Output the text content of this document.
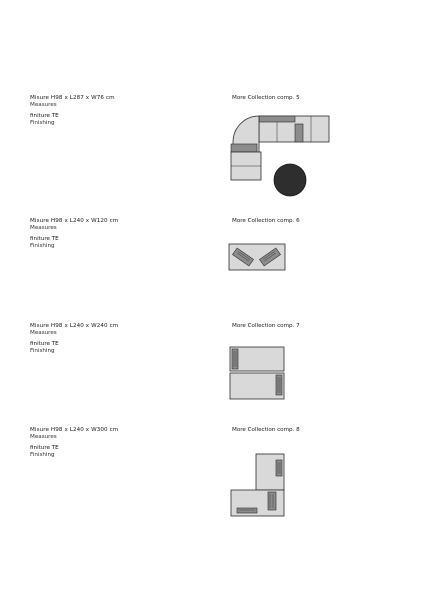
Misure H98 x L287 x W76 cm
Measures
finiture TE
Finishing
More Collection comp. 5
Misure H98 x L240 x W120 cm
Measures
finiture TE
Finishing
More Collection comp. 6
Misure H98 x L240 x W240 cm
Measures
finiture TE
Finishing
More Collection comp. 7
Misure H98 x L240 x W300 cm
Measures
finiture TE
Finishing
More Collection comp. 8
